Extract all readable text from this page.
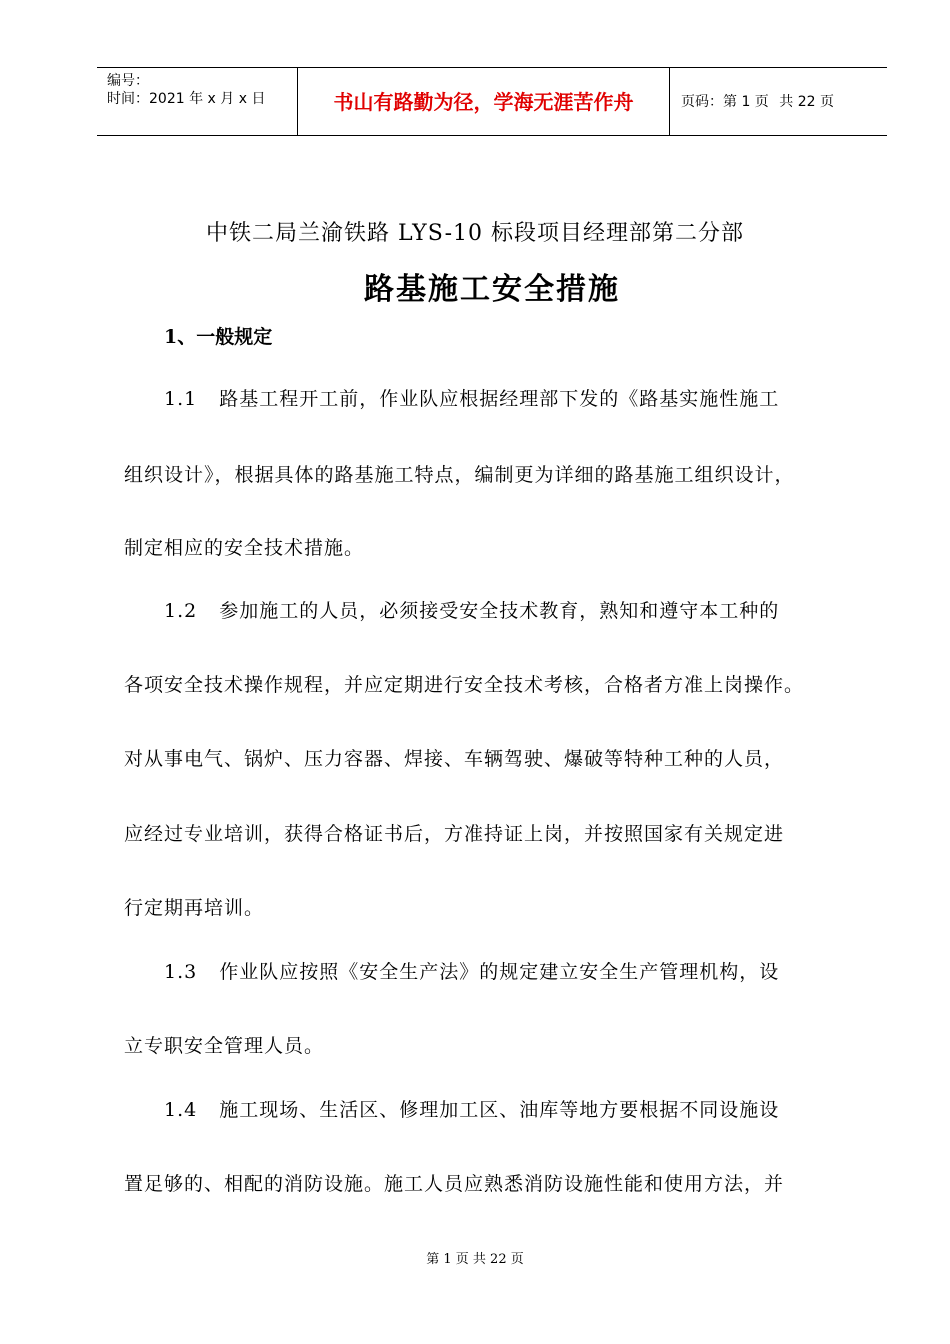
编号：
时间：2021 年 x 月 x 日	书山有路勤为径，学海无涯苦作舟	页码：第 1 页 共 22 页
中铁二局兰渝铁路 LYS-10 标段项目经理部第二分部
路基施工安全措施
1、一般规定
1.1 路基工程开工前，作业队应根据经理部下发的《路基实施性施工
组织设计》，根据具体的路基施工特点，编制更为详细的路基施工组织设计，
制定相应的安全技术措施。
1.2 参加施工的人员，必须接受安全技术教育，熟知和遵守本工种的
各项安全技术操作规程，并应定期进行安全技术考核，合格者方准上岗操作。
对从事电气、锅炉、压力容器、焊接、车辆驾驶、爆破等特种工种的人员，
应经过专业培训，获得合格证书后，方准持证上岗，并按照国家有关规定进
行定期再培训。
1.3 作业队应按照《安全生产法》的规定建立安全生产管理机构，设
立专职安全管理人员。
1.4 施工现场、生活区、修理加工区、油库等地方要根据不同设施设
置足够的、相配的消防设施。施工人员应熟悉消防设施性能和使用方法，并
第 1 页 共 22 页
